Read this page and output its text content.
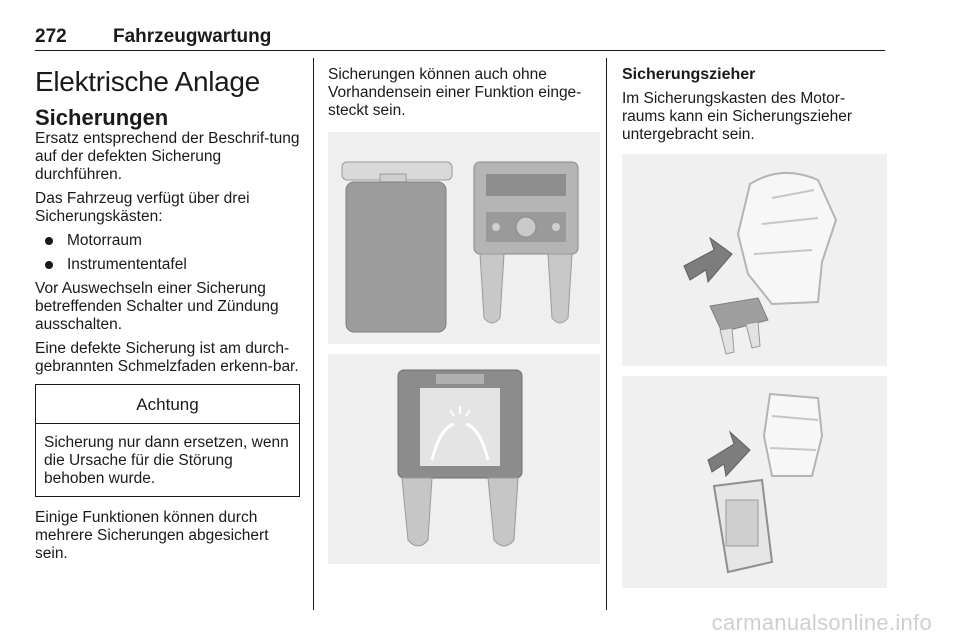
272 Fahrzeugwartung
Elektrische Anlage
Sicherungen

Ersatz entsprechend der Beschrif-tung auf der defekten Sicherung durchführen.

Das Fahrzeug verfügt über drei Sicherungskästen:

Motorraum
Instrumententafel

Vor Auswechseln einer Sicherung betreffenden Schalter und Zündung ausschalten.

Eine defekte Sicherung ist am durch-gebrannten Schmelzfaden erkenn-bar.

Achtung
Sicherung nur dann ersetzen, wenn die Ursache für die Störung behoben wurde.

Einige Funktionen können durch mehrere Sicherungen abgesichert sein.

Sicherungen können auch ohne Vorhandensein einer Funktion einge-steckt sein.

Sicherungszieher

Im Sicherungskasten des Motor-raums kann ein Sicherungszieher untergebracht sein.

carmanualsonline.info
